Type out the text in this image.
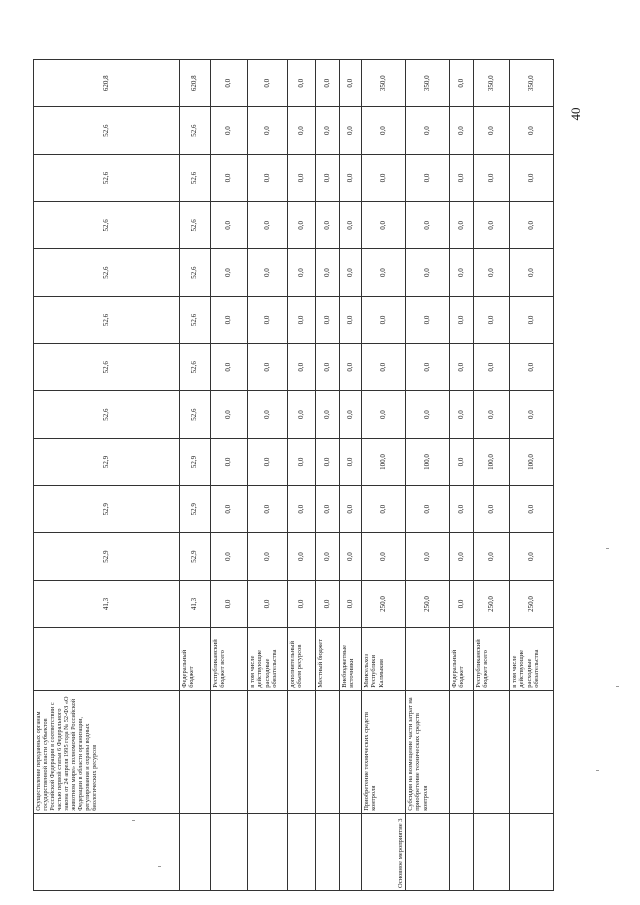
40
	Осуществление переданных органам государственной власти субъектов Российской Федерации в соответствии с частью первой статьи 6 Федерального закона от 24 апреля 1995 года № 52-ФЗ «О животном мире» полномочий Российской Федерации в области организации, регулирования и охраны водных биологических ресурсов		41,3	52,9	52,9	52,9	52,6	52,6	52,6	52,6	52,6	52,6	52,6	620,8
		Федеральный бюджет	41,3	52,9	52,9	52,9	52,6	52,6	52,6	52,6	52,6	52,6	52,6	620,8
		Республиканский бюджет всего	0,0	0,0	0,0	0,0	0,0	0,0	0,0	0,0	0,0	0,0	0,0	0,0
		в том числе действующие расходные обязательства	0,0	0,0	0,0	0,0	0,0	0,0	0,0	0,0	0,0	0,0	0,0	0,0
		дополнительный объем ресурсов	0,0	0,0	0,0	0,0	0,0	0,0	0,0	0,0	0,0	0,0	0,0	0,0
		Местный бюджет	0,0	0,0	0,0	0,0	0,0	0,0	0,0	0,0	0,0	0,0	0,0	0,0
		Внебюджетные источники	0,0	0,0	0,0	0,0	0,0	0,0	0,0	0,0	0,0	0,0	0,0	0,0
Основное мероприятие 3	Приобретение технических средств контроля	Минсельхоз Республики Калмыкия	250,0	0,0	0,0	100,0	0,0	0,0	0,0	0,0	0,0	0,0	0,0	350,0
	Субсидия на возмещение части затрат на приобретение технических средств контроля		250,0	0,0	0,0	100,0	0,0	0,0	0,0	0,0	0,0	0,0	0,0	350,0
		Федеральный бюджет	0,0	0,0	0,0	0,0	0,0	0,0	0,0	0,0	0,0	0,0	0,0	0,0
		Республиканский бюджет всего	250,0	0,0	0,0	100,0	0,0	0,0	0,0	0,0	0,0	0,0	0,0	350,0
		в том числе действующие расходные обязательства	250,0	0,0	0,0	100,0	0,0	0,0	0,0	0,0	0,0	0,0	0,0	350,0
